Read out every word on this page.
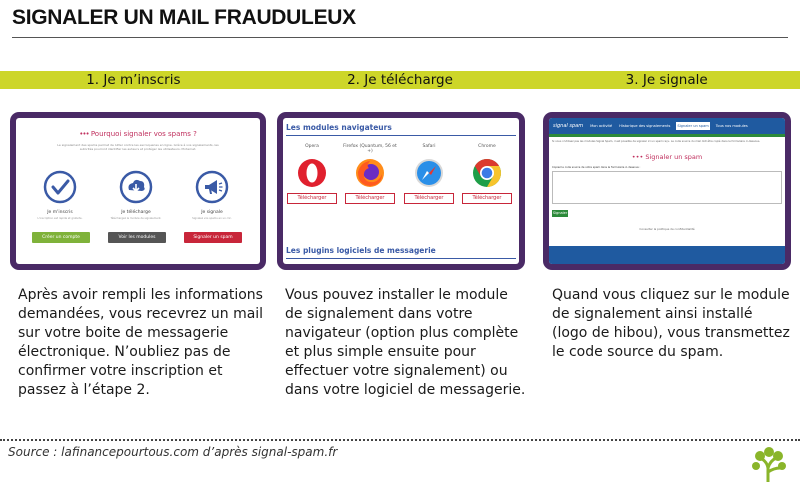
SIGNALER UN MAIL FRAUDULEUX
1. Je m’inscris	2. Je télécharge	3. Je signale
••• Pourquoi signaler vos spams ?
Le signalement des spams permet de lutter contre les escroqueries en ligne. Grâce à vos signalements, les autorités pourront identifier les auteurs et protéger les utilisateurs d'Internet.
Je m'inscris
L'inscription est rapide et gratuite.
Je télécharge
Téléchargez le module de signalement.
Je signale
Signalez vos spams en un clic.
Créer un compte	Voir les modules	Signaler un spam
Les modules navigateurs
Opera
Télécharger
Firefox (Quantum, 56 et +)
Télécharger
Safari
Télécharger
Chrome
Télécharger
Les plugins logiciels de messagerie
signal spam Mon activité Historique des signalements Signaler un spam Tous nos modules
Si vous n'utilisez pas les modules Signal Spam, il est possible de signaler ici un spam reçu. Le code source du mail doit être copié dans le formulaire ci-dessous.
••• Signaler un spam
Copiez le code source de votre spam dans le formulaire ci-dessous :
Signaler
Consulter la politique de confidentialité
Après avoir rempli les informations demandées, vous recevrez un mail sur votre boite de messagerie électronique. N’oubliez pas de confirmer votre inscription et passez à l’étape 2.
Vous pouvez installer le module de signalement dans votre navigateur (option plus complète et plus simple ensuite pour effectuer votre signalement) ou dans votre logiciel de messagerie.
Quand vous cliquez sur le module de signalement ainsi installé (logo de hibou), vous transmettez le code source du spam.
Source : lafinancepourtous.com d’après signal-spam.fr
